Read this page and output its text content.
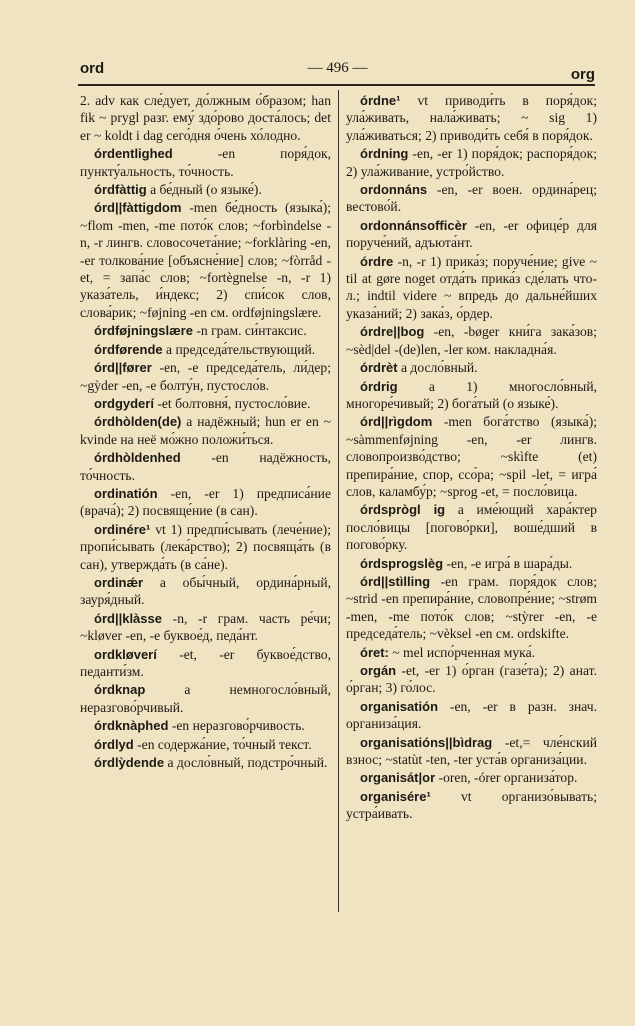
ord	— 496 —	org

2. adv как сле́дует, до́лжным о́бразом; han fik ~ prygl разг. ему́ здо́рово доста́лось; det er ~ koldt i dag сего́дня о́чень хо́лодно.

órdentlighed	-en поря́док, пункту́альность, то́чность.

órdfàttig a бе́дный (о языке́).

órd||fàttigdom -men бе́дность (языка́); ~flom -men, -me пото́к слов; ~forbìndelse -n, -r лингв. словосочета́ние; ~forklàring -en, -er толкова́ние [объясне́ние] слов; ~fòrråd -et, = запа́с слов; ~fortègnelse -n, -r 1) указа́тель, и́ндекс; 2) спи́сок слов, слова́рик; ~føjning -en см. ordføjningslære.

órdføjningslære -n грам. си́нтаксис.

órdførende a председа́тельствующий.

órd||fører -en, -e председа́тель, ли́дер; ~gỳder -en, -e болту́н, пустосло́в.

ordgyderí -et болтовня́, пустосло́вие.

órdhòlden(de) a надёжный; hun er en ~ kvinde на неё мо́жно положи́ться.

órdhòldenhed -en надёжность, то́чность.

ordinatión -en, -er 1) предписа́ние (врача́); 2) посвяще́ние (в сан).

ordinére¹ vt 1) предпи́сывать (лече́ние); пропи́сывать (лека́рство); 2) посвяща́ть (в сан), утвержда́ть (в са́не).

ordinǽr a обы́чный, ордина́рный, зауря́дный.

órd||klàsse -n, -r грам. часть ре́чи; ~kløver -en, -e буквое́д, педа́нт.

ordkløverí -et, -er буквое́дство, педанти́зм.

órdknap	a немногосло́вный, неразгово́рчивый.

órdknàphed -en неразгово́рчивость.

órdlyd -en содержа́ние, то́чный текст.

órdlỳdende a досло́вный, подстро́чный.

órdne¹ vt приводи́ть в поря́док; ула́живать, нала́живать; ~ sig 1) ула́живаться; 2) приводи́ть себя́ в поря́док.

órdning -en, -er 1) поря́док; распоря́док; 2) ула́живание, устро́йство.

ordonnáns -en, -er воен. ордина́рец; вестово́й.

ordonnánsofficèr -en, -er офице́р для поруче́ний, адъюта́нт.

órdre -n, -r 1) прика́з; поруче́ние; give ~ til at gøre noget отда́ть прика́з сде́лать что-л.; indtil videre ~ впредь до дальне́йших указа́ний; 2) зака́з, о́рдер.

órdre||bog -en, -bøger кни́га зака́зов; ~sèd|del -(de)len, -ler ком. накладна́я.

órdrèt a досло́вный.

órdrig a 1) многосло́вный, многоре́чивый; 2) бога́тый (о языке́).

órd||rìgdom -men бога́тство (языка́); ~sàmmenføjning -en, -er лингв. словопроизво́дство; ~skìfte (et) препира́ние, спор, ссо́ра; ~spil -let, = игра́ слов, каламбу́р; ~sprog -et, = посло́вица.

órdsprògl ig a име́ющий хара́ктер посло́вицы [погово́рки], воше́дший в погово́рку.

órdsprogslèg -en, -e игра́ в шара́ды.

órd||stìlling -en грам. поря́док слов; ~strid -en препира́ние, словопре́ние; ~strøm -men, -me пото́к слов; ~stỳrer -en, -e председа́тель; ~vèksel -en см. ordskifte.

óret: ~ mel испо́рченная мука́.

orgán -et, -er 1) о́рган (газе́та); 2) анат. о́рган; 3) го́лос.

organisatión -en, -er в разн. знач. организа́ция.

organisatións||bìdrag -et,= чле́нский взнос; ~statùt -ten, -ter уста́в организа́ции.

organisát|or -oren, -órer организа́тор.

organisére¹ vt организо́вывать; устра́ивать.
